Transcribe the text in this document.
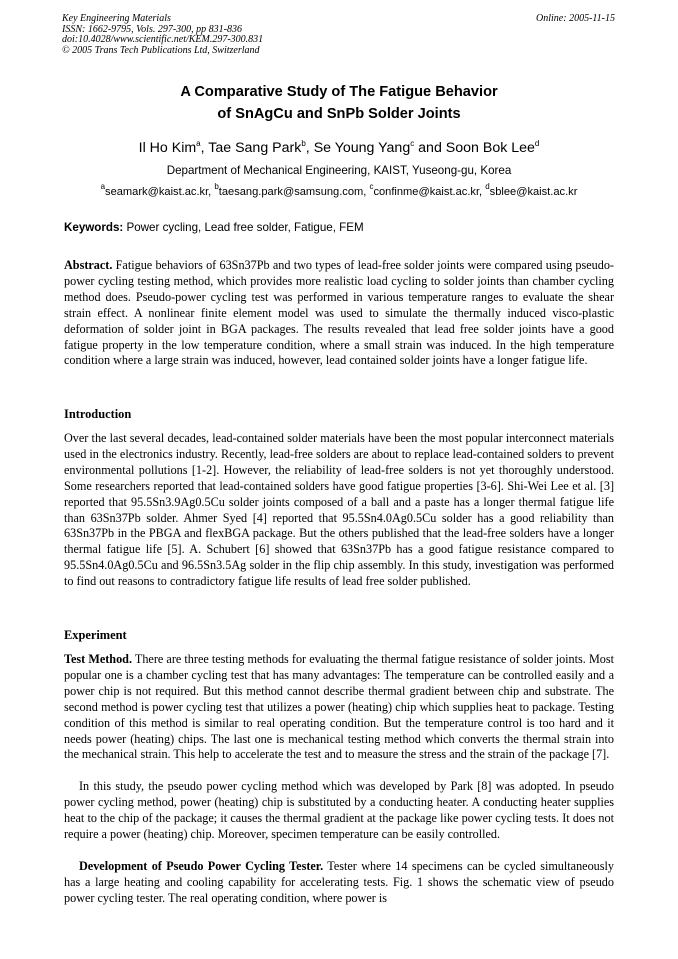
Key Engineering Materials
ISSN: 1662-9795, Vols. 297-300, pp 831-836
doi:10.4028/www.scientific.net/KEM.297-300.831
© 2005 Trans Tech Publications Ltd, Switzerland
Online: 2005-11-15
A Comparative Study of The Fatigue Behavior
of SnAgCu and SnPb Solder Joints
Il Ho Kim$^a$, Tae Sang Park$^b$, Se Young Yang$^c$ and Soon Bok Lee$^d$
Department of Mechanical Engineering, KAIST, Yuseong-gu, Korea
$^a$seamark@kaist.ac.kr, $^b$taesang.park@samsung.com, $^c$confinme@kaist.ac.kr, $^d$sblee@kaist.ac.kr
Keywords: Power cycling, Lead free solder, Fatigue, FEM
Abstract. Fatigue behaviors of 63Sn37Pb and two types of lead-free solder joints were compared using pseudo-power cycling testing method, which provides more realistic load cycling to solder joints than chamber cycling method does. Pseudo-power cycling test was performed in various temperature ranges to evaluate the shear strain effect. A nonlinear finite element model was used to simulate the thermally induced visco-plastic deformation of solder joint in BGA packages. The results revealed that lead free solder joints have a good fatigue property in the low temperature condition, where a small strain was induced. In the high temperature condition where a large strain was induced, however, lead contained solder joints have a longer fatigue life.
Introduction
Over the last several decades, lead-contained solder materials have been the most popular interconnect materials used in the electronics industry. Recently, lead-free solders are about to replace lead-contained solders to prevent environmental pollutions [1-2]. However, the reliability of lead-free solders is not yet thoroughly understood. Some researchers reported that lead-contained solders have good fatigue properties [3-6]. Shi-Wei Lee et al. [3] reported that 95.5Sn3.9Ag0.5Cu solder joints composed of a ball and a paste has a longer thermal fatigue life than 63Sn37Pb solder. Ahmer Syed [4] reported that 95.5Sn4.0Ag0.5Cu solder has a good reliability than 63Sn37Pb in the PBGA and flexBGA package. But the others published that the lead-free solders have a longer thermal fatigue life [5]. A. Schubert [6] showed that 63Sn37Pb has a good fatigue resistance compared to 95.5Sn4.0Ag0.5Cu and 96.5Sn3.5Ag solder in the flip chip assembly. In this study, investigation was performed to find out reasons to contradictory fatigue life results of lead free solder published.
Experiment
Test Method. There are three testing methods for evaluating the thermal fatigue resistance of solder joints. Most popular one is a chamber cycling test that has many advantages: The temperature can be controlled easily and a power chip is not required. But this method cannot describe thermal gradient between chip and substrate. The second method is power cycling test that utilizes a power (heating) chip which supplies heat to package. Testing condition of this method is similar to real operating condition. But the temperature control is too hard and it needs power (heating) chips. The last one is mechanical testing method which converts the thermal strain into the mechanical strain. This help to accelerate the test and to measure the stress and the strain of the package [7].
In this study, the pseudo power cycling method which was developed by Park [8] was adopted. In pseudo power cycling method, power (heating) chip is substituted by a conducting heater. A conducting heater supplies heat to the chip of the package; it causes the thermal gradient at the package like power cycling tests. It does not require a power (heating) chip. Moreover, specimen temperature can be easily controlled.
Development of Pseudo Power Cycling Tester. Tester where 14 specimens can be cycled simultaneously has a large heating and cooling capability for accelerating tests. Fig. 1 shows the schematic view of pseudo power cycling tester. The real operating condition, where power is
